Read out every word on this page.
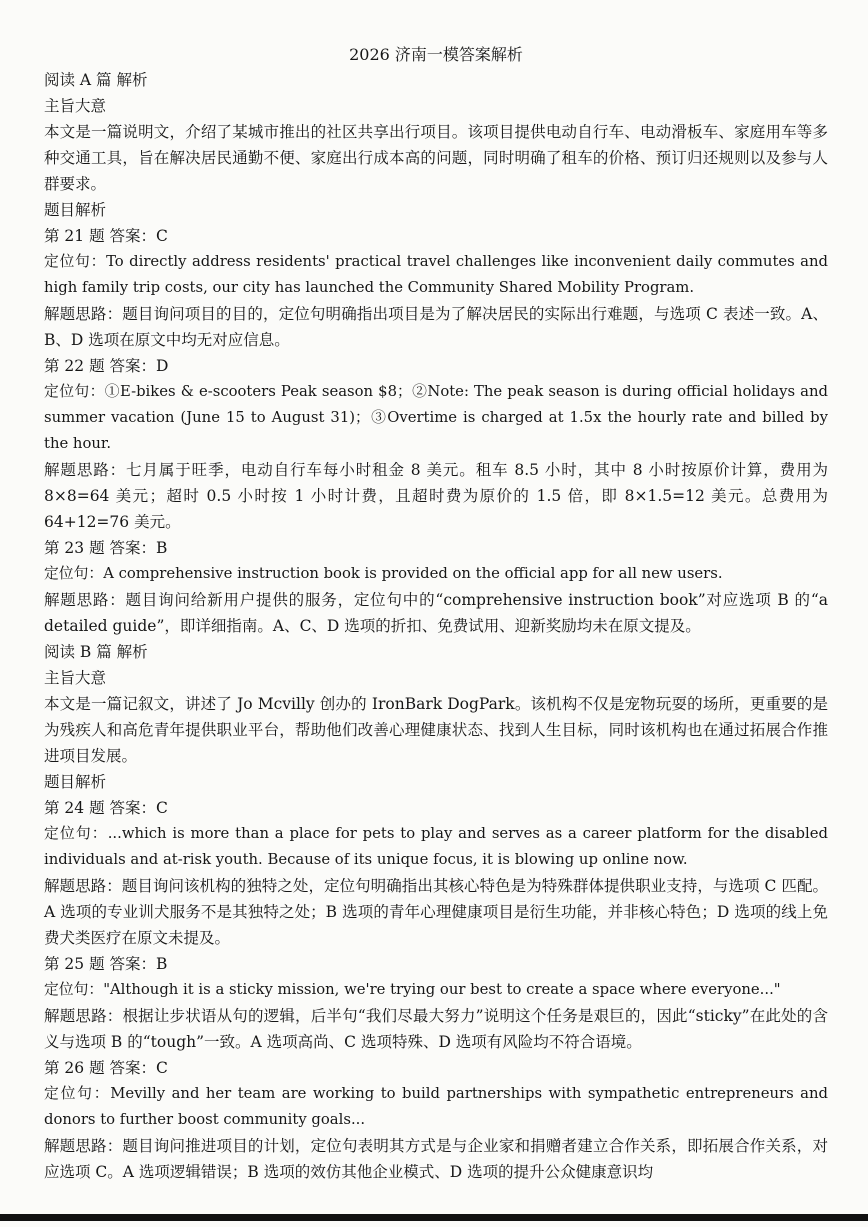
2026 济南一模答案解析

阅读 A 篇 解析

主旨大意

本文是一篇说明文，介绍了某城市推出的社区共享出行项目。该项目提供电动自行车、电动滑板车、家庭用车等多种交通工具，旨在解决居民通勤不便、家庭出行成本高的问题，同时明确了租车的价格、预订归还规则以及参与人群要求。

题目解析

第 21 题 答案：C

定位句：To directly address residents' practical travel challenges like inconvenient daily commutes and high family trip costs, our city has launched the Community Shared Mobility Program.

解题思路：题目询问项目的目的，定位句明确指出项目是为了解决居民的实际出行难题，与选项 C 表述一致。A、B、D 选项在原文中均无对应信息。

第 22 题 答案：D

定位句：①E-bikes & e-scooters Peak season $8；②Note: The peak season is during official holidays and summer vacation (June 15 to August 31)；③Overtime is charged at 1.5x the hourly rate and billed by the hour.

解题思路：七月属于旺季，电动自行车每小时租金 8 美元。租车 8.5 小时，其中 8 小时按原价计算，费用为 8×8=64 美元；超时 0.5 小时按 1 小时计费，且超时费为原价的 1.5 倍，即 8×1.5=12 美元。总费用为 64+12=76 美元。

第 23 题 答案：B

定位句：A comprehensive instruction book is provided on the official app for all new users.

解题思路：题目询问给新用户提供的服务，定位句中的“comprehensive instruction book”对应选项 B 的“a detailed guide”，即详细指南。A、C、D 选项的折扣、免费试用、迎新奖励均未在原文提及。

阅读 B 篇 解析

主旨大意

本文是一篇记叙文，讲述了 Jo Mcvilly 创办的 IronBark DogPark。该机构不仅是宠物玩耍的场所，更重要的是为残疾人和高危青年提供职业平台，帮助他们改善心理健康状态、找到人生目标，同时该机构也在通过拓展合作推进项目发展。

题目解析

第 24 题 答案：C

定位句：...which is more than a place for pets to play and serves as a career platform for the disabled individuals and at-risk youth. Because of its unique focus, it is blowing up online now.

解题思路：题目询问该机构的独特之处，定位句明确指出其核心特色是为特殊群体提供职业支持，与选项 C 匹配。A 选项的专业训犬服务不是其独特之处；B 选项的青年心理健康项目是衍生功能，并非核心特色；D 选项的线上免费犬类医疗在原文未提及。

第 25 题 答案：B

定位句："Although it is a sticky mission, we're trying our best to create a space where everyone..."

解题思路：根据让步状语从句的逻辑，后半句“我们尽最大努力”说明这个任务是艰巨的，因此“sticky”在此处的含义与选项 B 的“tough”一致。A 选项高尚、C 选项特殊、D 选项有风险均不符合语境。

第 26 题 答案：C

定位句：Mevilly and her team are working to build partnerships with sympathetic entrepreneurs and donors to further boost community goals...

解题思路：题目询问推进项目的计划，定位句表明其方式是与企业家和捐赠者建立合作关系，即拓展合作关系，对应选项 C。A 选项逻辑错误；B 选项的效仿其他企业模式、D 选项的提升公众健康意识均
